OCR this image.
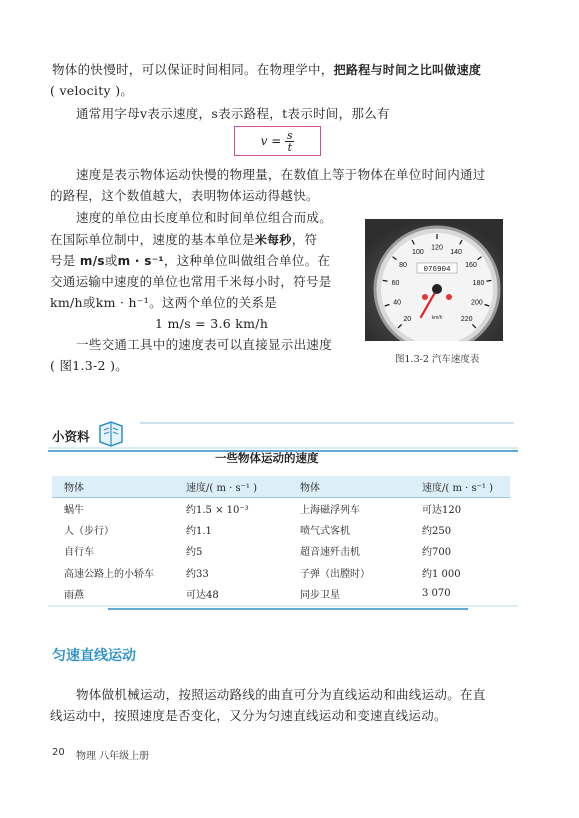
物体的快慢时，可以保证时间相同。在物理学中，把路程与时间之比叫做速度
( velocity )。
通常用字母v表示速度，s表示路程，t表示时间，那么有
$v = \frac{s}{t}$
速度是表示物体运动快慢的物理量，在数值上等于物体在单位时间内通过
的路程，这个数值越大，表明物体运动得越快。
速度的单位由长度单位和时间单位组合而成。
在国际单位制中，速度的基本单位是米每秒，符
号是 m/s或m · s⁻¹，这种单位叫做组合单位。在
交通运输中速度的单位也常用千米每小时，符号是
km/h或km · h⁻¹。这两个单位的关系是
1 m/s = 3.6 km/h
一些交通工具中的速度表可以直接显示出速度
( 图1.3-2 )。
20
40
60
80
100
120
140
160
180
200
220
076904
km/h
图1.3-2 汽车速度表
小资料
一些物体运动的速度
物体	速度/( m · s⁻¹ )	物体	速度/( m · s⁻¹ )
蜗牛	约1.5 × 10⁻³	上海磁浮列车	可达120
人（步行）	约1.1	喷气式客机	约250
自行车	约5	超音速歼击机	约700
高速公路上的小轿车	约33	子弹（出膛时）	约1 000
雨燕	可达48	同步卫星	3 070
匀速直线运动
物体做机械运动，按照运动路线的曲直可分为直线运动和曲线运动。在直
线运动中，按照速度是否变化，又分为匀速直线运动和变速直线运动。
20 物理 八年级上册
